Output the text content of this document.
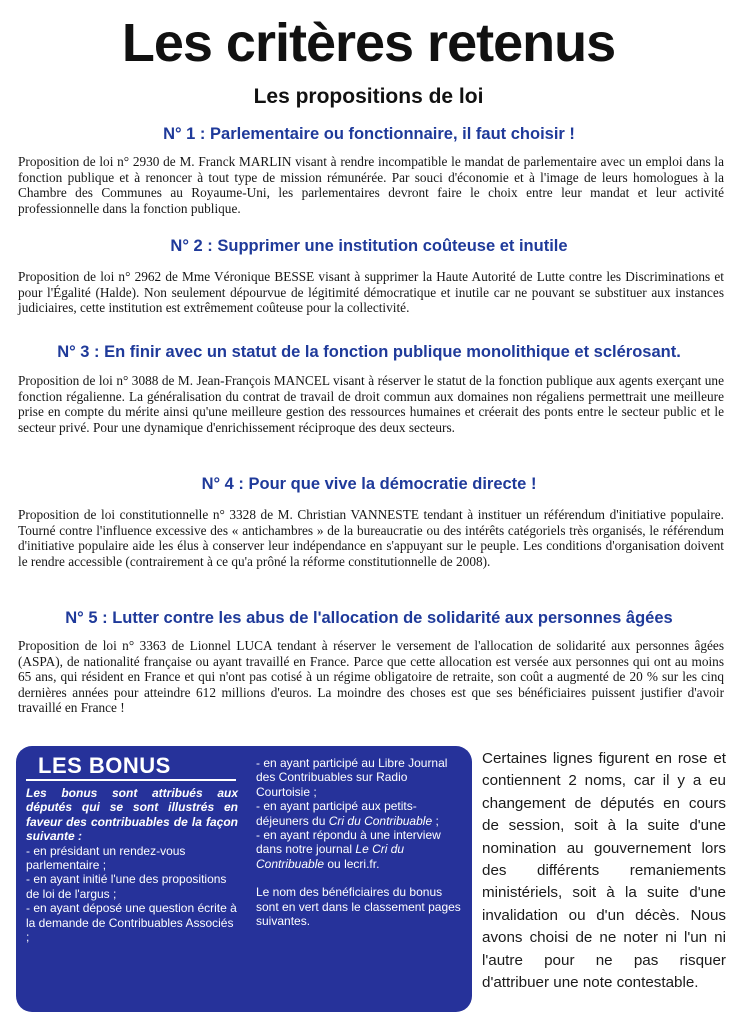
Les critères retenus
Les propositions de loi
N° 1 : Parlementaire ou fonctionnaire, il faut choisir !
Proposition de loi n° 2930 de M. Franck MARLIN visant à rendre incompatible le mandat de parlementaire avec un emploi dans la fonction publique et à renoncer à tout type de mission rémunérée. Par souci d'économie et à l'image de leurs homologues à la Chambre des Communes au Royaume-Uni, les parlementaires devront faire le choix entre leur mandat et leur activité professionnelle dans la fonction publique.
N° 2 : Supprimer une institution coûteuse et inutile
Proposition de loi n° 2962 de Mme Véronique BESSE visant à supprimer la Haute Autorité de Lutte contre les Discriminations et pour l'Égalité (Halde). Non seulement dépourvue de légitimité démocratique et inutile car ne pouvant se substituer aux instances judiciaires, cette institution est extrêmement coûteuse pour la collectivité.
N° 3 : En finir avec un statut de la fonction publique monolithique et sclérosant.
Proposition de loi n° 3088 de M. Jean-François MANCEL visant à réserver le statut de la fonction publique aux agents exerçant une fonction régalienne. La généralisation du contrat de travail de droit commun aux domaines non régaliens permettrait une meilleure prise en compte du mérite ainsi qu'une meilleure gestion des ressources humaines et créerait des ponts entre le secteur public et le secteur privé. Pour une dynamique d'enrichissement réciproque des deux secteurs.
N° 4 : Pour que vive la démocratie directe !
Proposition de loi constitutionnelle n° 3328 de M. Christian VANNESTE tendant à instituer un référendum d'initiative populaire. Tourné contre l'influence excessive des « antichambres » de la bureaucratie ou des intérêts catégoriels très organisés, le référendum d'initiative populaire aide les élus à conserver leur indépendance en s'appuyant sur le peuple. Les conditions d'organisation doivent le rendre accessible (contrairement à ce qu'a prôné la réforme constitutionnelle de 2008).
N° 5 : Lutter contre les abus de l'allocation de solidarité aux personnes âgées
Proposition de loi n° 3363 de Lionnel LUCA tendant à réserver le versement de l'allocation de solidarité aux personnes âgées (ASPA), de nationalité française ou ayant travaillé en France. Parce que cette allocation est versée aux personnes qui ont au moins 65 ans, qui résident en France et qui n'ont pas cotisé à un régime obligatoire de retraite, son coût a augmenté de 20 % sur les cinq dernières années pour atteindre 612 millions d'euros. La moindre des choses est que ses bénéficiaires puissent justifier d'avoir travaillé en France !
LES BONUS
Les bonus sont attribués aux députés qui se sont illustrés en faveur des contribuables de la façon suivante :
- en présidant un rendez-vous parlementaire ;
- en ayant initié l'une des propositions de loi de l'argus ;
- en ayant déposé une question écrite à la demande de Contribuables Associés ;
- en ayant participé au Libre Journal des Contribuables sur Radio Courtoisie ;
- en ayant participé aux petits-déjeuners du Cri du Contribuable ;
- en ayant répondu à une interview dans notre journal Le Cri du Contribuable ou lecri.fr.
Le nom des bénéficiaires du bonus sont en vert dans le classement pages suivantes.
Certaines lignes figurent en rose et contiennent 2 noms, car il y a eu changement de députés en cours de session, soit à la suite d'une nomination au gouvernement lors des différents remaniements ministériels, soit à la suite d'une invalidation ou d'un décès. Nous avons choisi de ne noter ni l'un ni l'autre pour ne pas risquer d'attribuer une note contestable.
